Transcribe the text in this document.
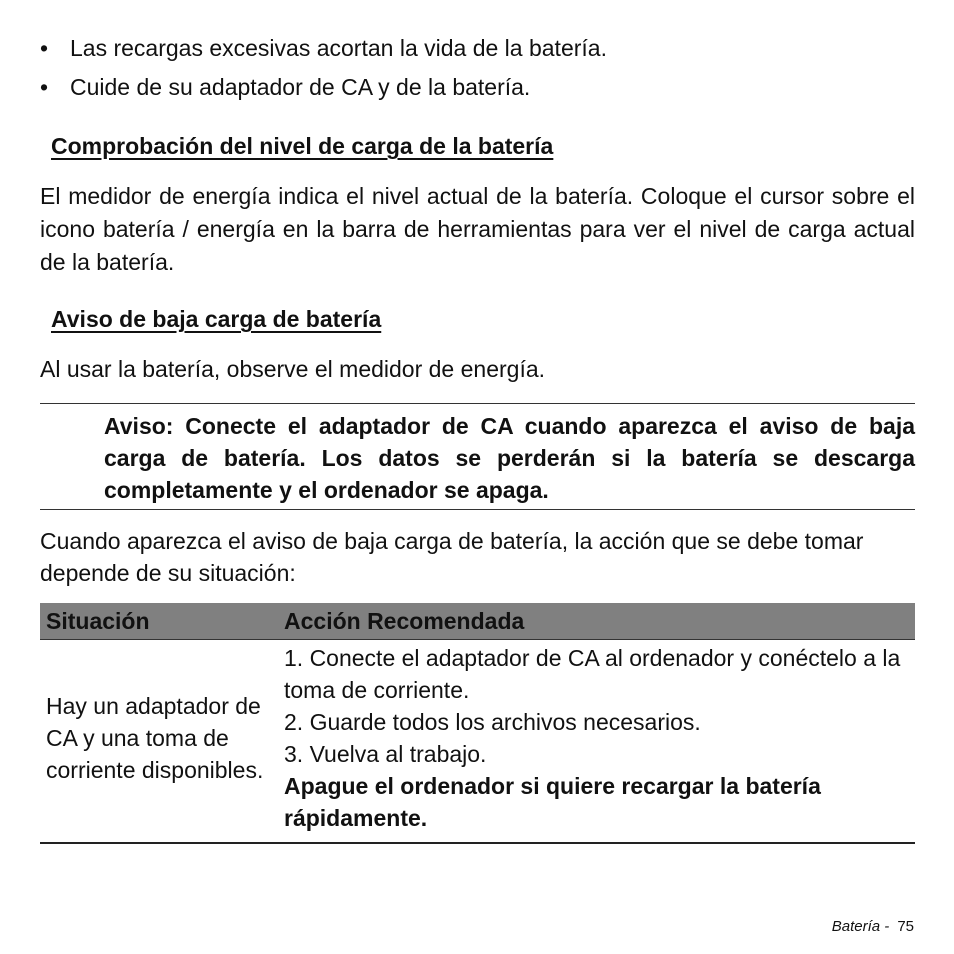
• Las recargas excesivas acortan la vida de la batería.
• Cuide de su adaptador de CA y de la batería.
Comprobación del nivel de carga de la batería

El medidor de energía indica el nivel actual de la batería. Coloque el cursor sobre el icono batería / energía en la barra de herramientas para ver el nivel de carga actual de la batería.

Aviso de baja carga de batería

Al usar la batería, observe el medidor de energía.

Aviso: Conecte el adaptador de CA cuando aparezca el aviso de baja carga de batería. Los datos se perderán si la batería se descarga completamente y el ordenador se apaga.

Cuando aparezca el aviso de baja carga de batería, la acción que se debe tomar depende de su situación:

Situación	Acción Recomendada
Hay un adaptador de CA y una toma de corriente disponibles.	1. Conecte el adaptador de CA al ordenador y conéctelo a la toma de corriente.
2. Guarde todos los archivos necesarios.
3. Vuelva al trabajo.
Apague el ordenador si quiere recargar la batería rápidamente.
Batería - 75
